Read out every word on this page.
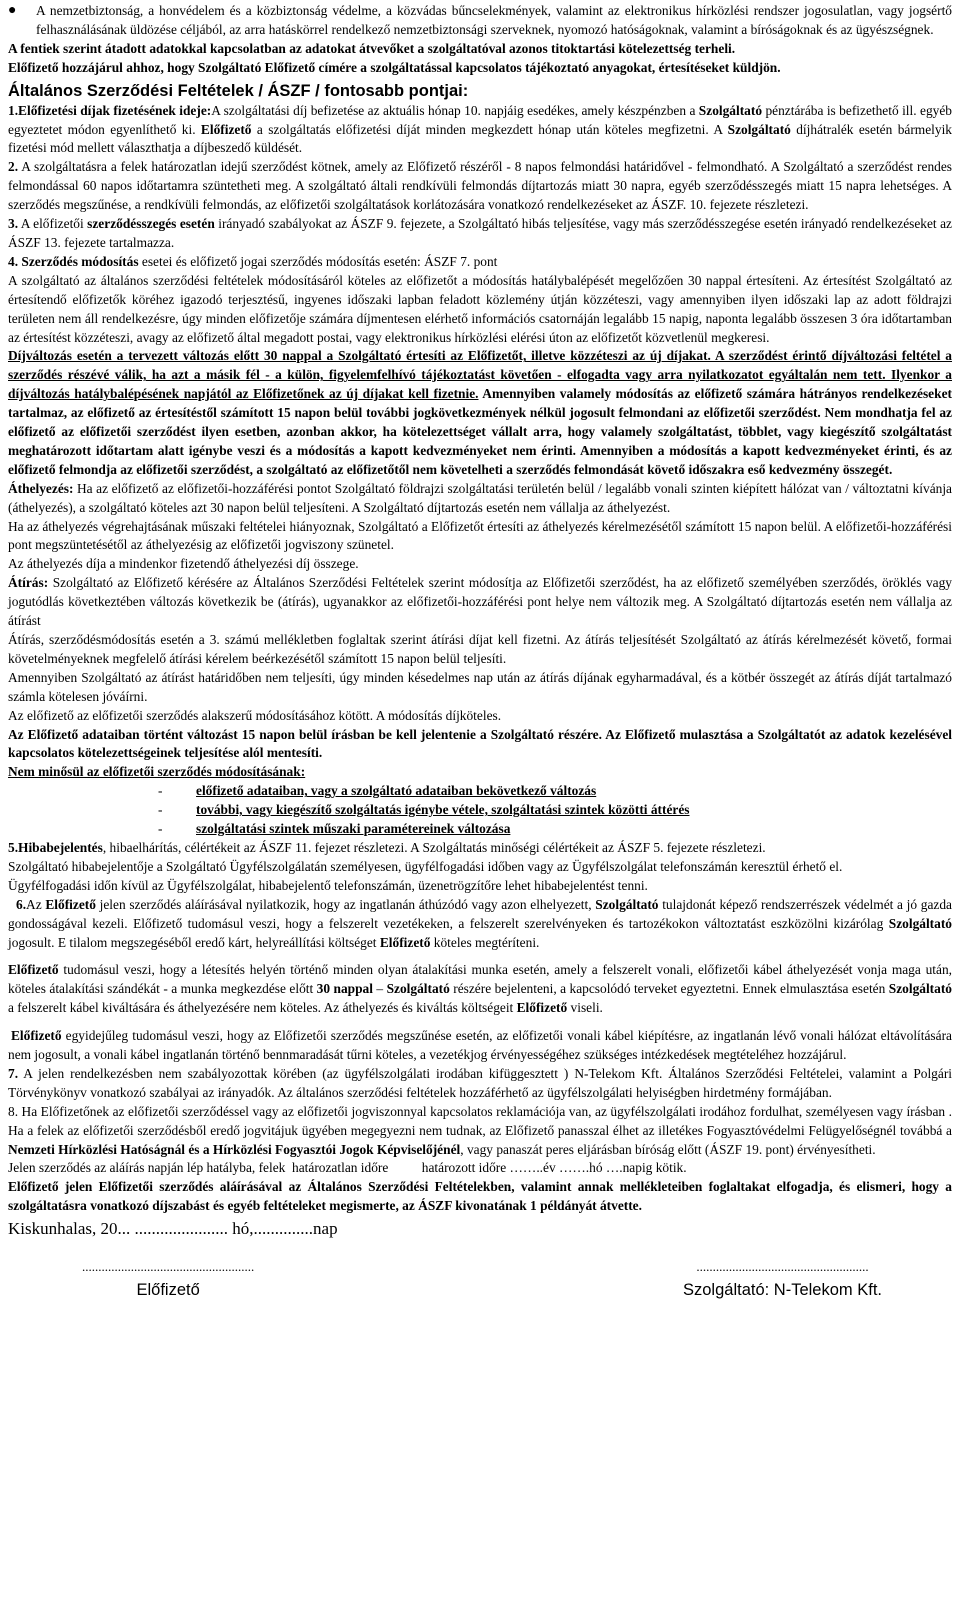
● A nemzetbiztonság, a honvédelem és a közbiztonság védelme, a közvádas bűncselekmények, valamint az elektronikus hírközlési rendszer jogosulatlan, vagy jogsértő felhasználásának üldözése céljából, az arra hatáskörrel rendelkező nemzetbiztonsági szerveknek, nyomozó hatóságoknak, valamint a bíróságoknak és az ügyészségnek.

A fentiek szerint átadott adatokkal kapcsolatban az adatokat átvevőket a szolgáltatóval azonos titoktartási kötelezettség terheli.

Előfizető hozzájárul ahhoz, hogy Szolgáltató Előfizető címére a szolgáltatással kapcsolatos tájékoztató anyagokat, értesítéseket küldjön.

Általános Szerződési Feltételek / ÁSZF / fontosabb pontjai:

1.Előfizetési díjak fizetésének ideje:A szolgáltatási díj befizetése az aktuális hónap 10. napjáig esedékes, amely készpénzben a Szolgáltató pénztárába is befizethető ill. egyéb egyeztetet módon egyenlíthető ki. Előfizető a szolgáltatás előfizetési díját minden megkezdett hónap után köteles megfizetni. A Szolgáltató díjhátralék esetén bármelyik fizetési mód mellett választhatja a díjbeszedő küldését.

2. A szolgáltatásra a felek határozatlan idejű szerződést kötnek, amely az Előfizető részéről - 8 napos felmondási határidővel - felmondható. A Szolgáltató a szerződést rendes felmondással 60 napos időtartamra szüntetheti meg. A szolgáltató általi rendkívüli felmondás díjtartozás miatt 30 napra, egyéb szerződésszegés miatt 15 napra lehetséges. A szerződés megszűnése, a rendkívüli felmondás, az előfizetői szolgáltatások korlátozására vonatkozó rendelkezéseket az ÁSZF. 10. fejezete részletezi.

3. A előfizetői szerződésszegés esetén irányadó szabályokat az ÁSZF 9. fejezete, a Szolgáltató hibás teljesítése, vagy más szerződésszegése esetén irányadó rendelkezéseket az ÁSZF 13. fejezete tartalmazza.

4. Szerződés módosítás esetei és előfizető jogai szerződés módosítás esetén: ÁSZF 7. pont

A szolgáltató az általános szerződési feltételek módosításáról köteles az előfizetőt a módosítás hatálybalépését megelőzően 30 nappal értesíteni. Az értesítést Szolgáltató az értesítendő előfizetők köréhez igazodó terjesztésű, ingyenes időszaki lapban feladott közlemény útján közzéteszi, vagy amennyiben ilyen időszaki lap az adott földrajzi területen nem áll rendelkezésre, úgy minden előfizetője számára díjmentesen elérhető információs csatornáján legalább 15 napig, naponta legalább összesen 3 óra időtartamban az értesítést közzéteszi, avagy az előfizető által megadott postai, vagy elektronikus hírközlési elérési úton az előfizetőt közvetlenül megkeresi.

Díjváltozás esetén a tervezett változás előtt 30 nappal a Szolgáltató értesíti az Előfizetőt, illetve közzéteszi az új díjakat. A szerződést érintő díjváltozási feltétel a szerződés részévé válik, ha azt a másik fél - a külön, figyelemfelhívó tájékoztatást követően - elfogadta vagy arra nyilatkozatot egyáltalán nem tett. Ilyenkor a díjváltozás hatálybalépésének napjától az Előfizetőnek az új díjakat kell fizetnie. Amennyiben valamely módosítás az előfizető számára hátrányos rendelkezéseket tartalmaz, az előfizető az értesítéstől számított 15 napon belül további jogkövetkezmények nélkül jogosult felmondani az előfizetői szerződést. Nem mondhatja fel az előfizető az előfizetői szerződést ilyen esetben, azonban akkor, ha kötelezettséget vállalt arra, hogy valamely szolgáltatást, többlet, vagy kiegészítő szolgáltatást meghatározott időtartam alatt igénybe veszi és a módosítás a kapott kedvezményeket nem érinti. Amennyiben a módosítás a kapott kedvezményeket érinti, és az előfizető felmondja az előfizetői szerződést, a szolgáltató az előfizetőtől nem követelheti a szerződés felmondását követő időszakra eső kedvezmény összegét.

Áthelyezés: Ha az előfizető az előfizetői-hozzáférési pontot Szolgáltató földrajzi szolgáltatási területén belül / legalább vonali szinten kiépített hálózat van / változtatni kívánja (áthelyezés), a szolgáltató köteles azt 30 napon belül teljesíteni. A Szolgáltató díjtartozás esetén nem vállalja az áthelyezést.

Ha az áthelyezés végrehajtásának műszaki feltételei hiányoznak, Szolgáltató a Előfizetőt értesíti az áthelyezés kérelmezésétől számított 15 napon belül. A előfizetői-hozzáférési pont megszüntetésétől az áthelyezésig az előfizetői jogviszony szünetel.

Az áthelyezés díja a mindenkor fizetendő áthelyezési díj összege.

Átírás: Szolgáltató az Előfizető kérésére az Általános Szerződési Feltételek szerint módosítja az Előfizetői szerződést, ha az előfizető személyében szerződés, öröklés vagy jogutódlás következtében változás következik be (átírás), ugyanakkor az előfizetői-hozzáférési pont helye nem változik meg. A Szolgáltató díjtartozás esetén nem vállalja az átírást

Átírás, szerződésmódosítás esetén a 3. számú mellékletben foglaltak szerint átírási díjat kell fizetni. Az átírás teljesítését Szolgáltató az átírás kérelmezését követő, formai követelményeknek megfelelő átírási kérelem beérkezésétől számított 15 napon belül teljesíti.

Amennyiben Szolgáltató az átírást határidőben nem teljesíti, úgy minden késedelmes nap után az átírás díjának egyharmadával, és a kötbér összegét az átírás díját tartalmazó számla kötelesen jóváírni.

Az előfizető az előfizetői szerződés alakszerű módosításához kötött. A módosítás díjköteles.

Az Előfizető adataiban történt változást 15 napon belül írásban be kell jelentenie a Szolgáltató részére. Az Előfizető mulasztása a Szolgáltatót az adatok kezelésével kapcsolatos kötelezettségeinek teljesítése alól mentesíti.

Nem minősül az előfizetői szerződés módosításának:

- előfizető adataiban, vagy a szolgáltató adataiban bekövetkező változás
- további, vagy kiegészítő szolgáltatás igénybe vétele, szolgáltatási szintek közötti áttérés
- szolgáltatási szintek műszaki paramétereinek változása

5.Hibabejelentés, hibaelhárítás, célértékeit az ÁSZF 11. fejezet részletezi. A Szolgáltatás minőségi célértékeit az ÁSZF 5. fejezete részletezi.

Szolgáltató hibabejelentője a Szolgáltató Ügyfélszolgálatán személyesen, ügyfélfogadási időben vagy az Ügyfélszolgálat telefonszámán keresztül érhető el.

Ügyfélfogadási időn kívül az Ügyfélszolgálat, hibabejelentő telefonszámán, üzenetrögzítőre lehet hibabejelentést tenni.

6.Az Előfizető jelen szerződés aláírásával nyilatkozik, hogy az ingatlanán áthúzódó vagy azon elhelyezett, Szolgáltató tulajdonát képező rendszerrészek védelmét a jó gazda gondosságával kezeli. Előfizető tudomásul veszi, hogy a felszerelt vezetékeken, a felszerelt szerelvényeken és tartozékokon változtatást eszközölni kizárólag Szolgáltató jogosult. E tilalom megszegéséből eredő kárt, helyreállítási költséget Előfizető köteles megtéríteni.

Előfizető tudomásul veszi, hogy a létesítés helyén történő minden olyan átalakítási munka esetén, amely a felszerelt vonali, előfizetői kábel áthelyezését vonja maga után, köteles átalakítási szándékát - a munka megkezdése előtt 30 nappal – Szolgáltató részére bejelenteni, a kapcsolódó terveket egyeztetni. Ennek elmulasztása esetén Szolgáltató a felszerelt kábel kiváltására és áthelyezésére nem köteles. Az áthelyezés és kiváltás költségeit Előfizető viseli.

Előfizető egyidejűleg tudomásul veszi, hogy az Előfizetői szerződés megszűnése esetén, az előfizetői vonali kábel kiépítésre, az ingatlanán lévő vonali hálózat eltávolítására nem jogosult, a vonali kábel ingatlanán történő bennmaradását tűrni köteles, a vezetékjog érvényességéhez szükséges intézkedések megtételéhez hozzájárul.

7. A jelen rendelkezésben nem szabályozottak körében (az ügyfélszolgálati irodában kifüggesztett ) N-Telekom Kft. Általános Szerződési Feltételei, valamint a Polgári Törvénykönyv vonatkozó szabályai az irányadók. Az általános szerződési feltételek hozzáférhető az ügyfélszolgálati helyiségben hirdetmény formájában.

8. Ha Előfizetőnek az előfizetői szerződéssel vagy az előfizetői jogviszonnyal kapcsolatos reklamációja van, az ügyfélszolgálati irodához fordulhat, személyesen vagy írásban . Ha a felek az előfizetői szerződésből eredő jogvitájuk ügyében megegyezni nem tudnak, az Előfizető panasszal élhet az illetékes Fogyasztóvédelmi Felügyelőségnél továbbá a Nemzeti Hírközlési Hatóságnál és a Hírközlési Fogyasztói Jogok Képviselőjénél, vagy panaszát peres eljárásban bíróság előtt (ÁSZF 19. pont) érvényesítheti.

Jelen szerződés az aláírás napján lép hatályba, felek  határozatlan időre          határozott időre ……..év …….hó ….napig kötik.

Előfizető jelen Előfizetői szerződés aláírásával az Általános Szerződési Feltételekben, valamint annak mellékleteiben foglaltakat elfogadja, és elismeri, hogy a szolgáltatásra vonatkozó díjszabást és egyéb feltételeket megismerte, az ÁSZF kivonatának 1 példányát átvette.

Kiskunhalas, 20... ...................... hó,..............nap
.....................................................
Előfizető
.....................................................
Szolgáltató: N-Telekom Kft.
